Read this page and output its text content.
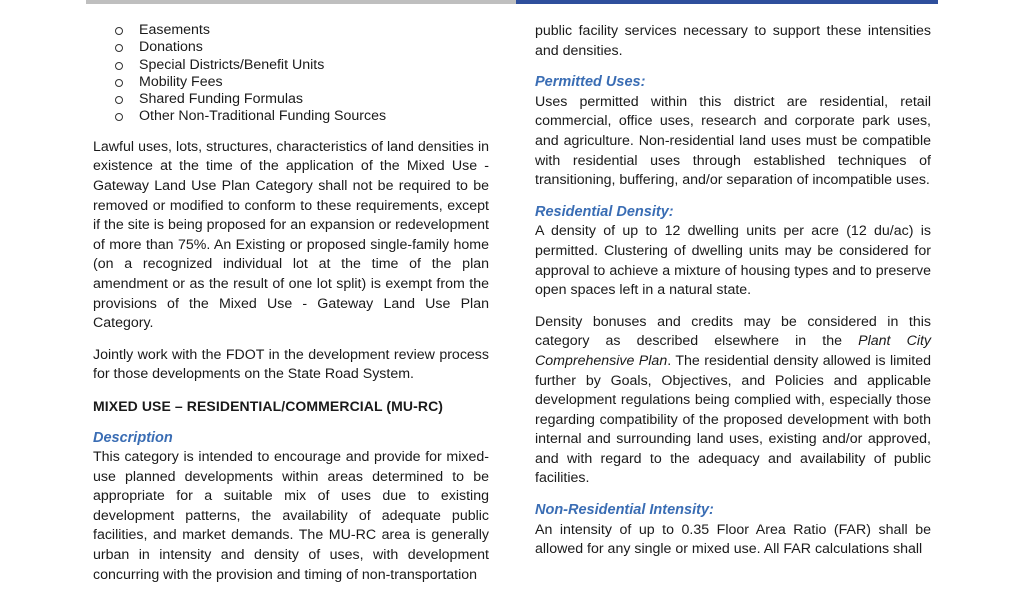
Easements
Donations
Special Districts/Benefit Units
Mobility Fees
Shared Funding Formulas
Other Non-Traditional Funding Sources

Lawful uses, lots, structures, characteristics of land densities in existence at the time of the application of the Mixed Use - Gateway Land Use Plan Category shall not be required to be removed or modified to conform to these requirements, except if the site is being proposed for an expansion or redevelopment of more than 75%. An Existing or proposed single-family home (on a recognized individual lot at the time of the plan amendment or as the result of one lot split) is exempt from the provisions of the Mixed Use - Gateway Land Use Plan Category.

Jointly work with the FDOT in the development review process for those developments on the State Road System.

MIXED USE – RESIDENTIAL/COMMERCIAL (MU-RC)
Description

This category is intended to encourage and provide for mixed-use planned developments within areas determined to be appropriate for a suitable mix of uses due to existing development patterns, the availability of adequate public facilities, and market demands. The MU-RC area is generally urban in intensity and density of uses, with development concurring with the provision and timing of non-transportation

public facility services necessary to support these intensities and densities.

Permitted Uses:

Uses permitted within this district are residential, retail commercial, office uses, research and corporate park uses, and agriculture. Non-residential land uses must be compatible with residential uses through established techniques of transitioning, buffering, and/or separation of incompatible uses.

Residential Density:

A density of up to 12 dwelling units per acre (12 du/ac) is permitted. Clustering of dwelling units may be considered for approval to achieve a mixture of housing types and to preserve open spaces left in a natural state.

Density bonuses and credits may be considered in this category as described elsewhere in the Plant City Comprehensive Plan. The residential density allowed is limited further by Goals, Objectives, and Policies and applicable development regulations being complied with, especially those regarding compatibility of the proposed development with both internal and surrounding land uses, existing and/or approved, and with regard to the adequacy and availability of public facilities.

Non-Residential Intensity:

An intensity of up to 0.35 Floor Area Ratio (FAR) shall be allowed for any single or mixed use. All FAR calculations shall
